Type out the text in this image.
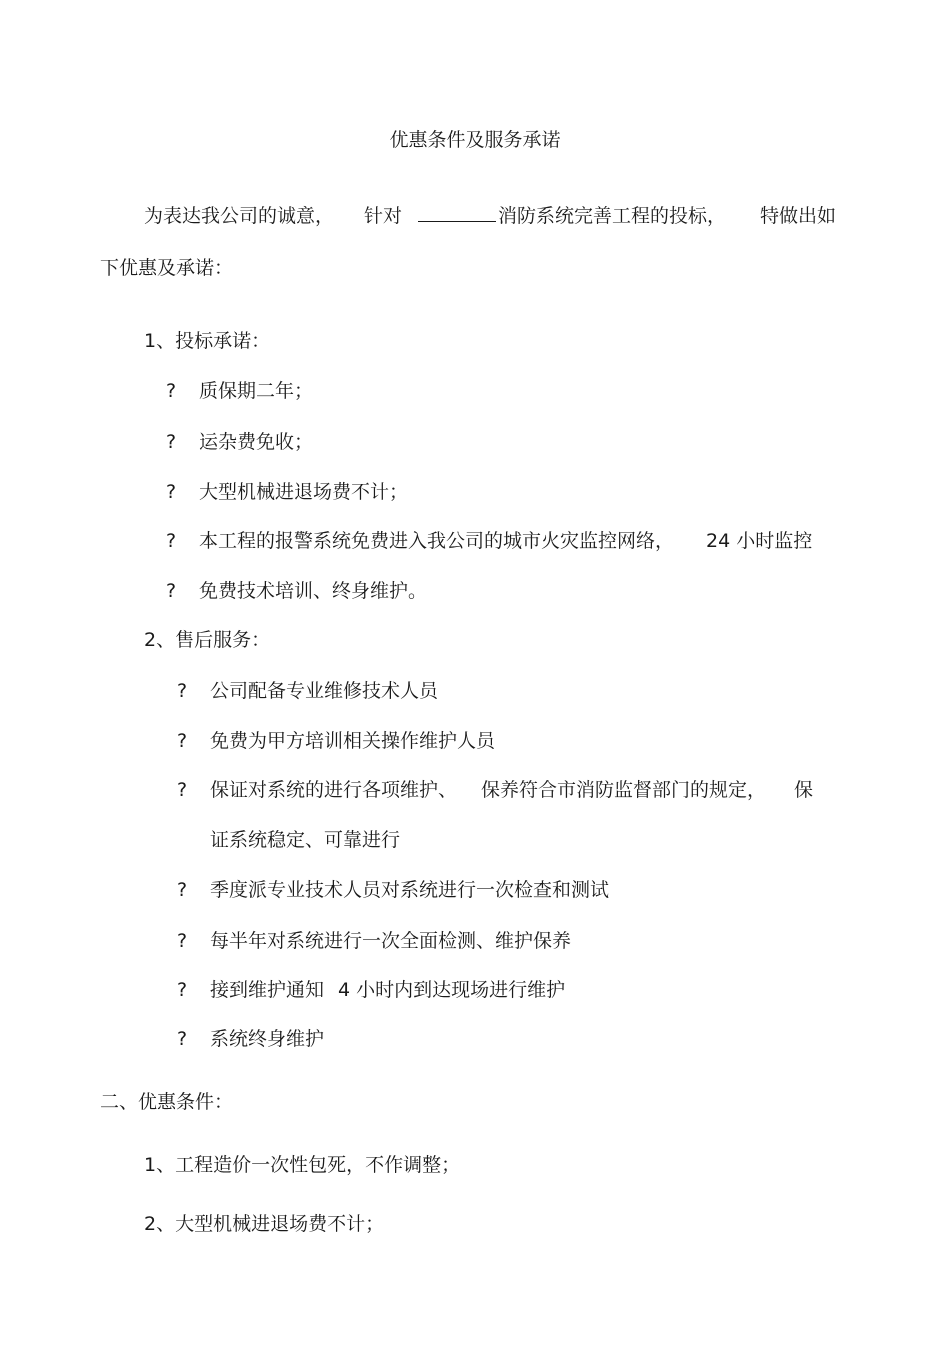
优惠条件及服务承诺
为表达我公司的诚意， 针对	消防系统完善工程的投标， 特做出如
下优惠及承诺：
1、投标承诺：
? 质保期二年；
? 运杂费免收；
? 大型机械进退场费不计；
? 本工程的报警系统免费进入我公司的城市火灾监控网络， 24 小时监控
? 免费技术培训、终身维护。
2、售后服务：
? 公司配备专业维修技术人员
? 免费为甲方培训相关操作维护人员
? 保证对系统的进行各项维护、 保养符合市消防监督部门的规定， 保
证系统稳定、可靠进行
? 季度派专业技术人员对系统进行一次检查和测试
? 每半年对系统进行一次全面检测、维护保养
? 接到维护通知 4 小时内到达现场进行维护
? 系统终身维护
二、优惠条件：
1、工程造价一次性包死，不作调整；
2、大型机械进退场费不计；
